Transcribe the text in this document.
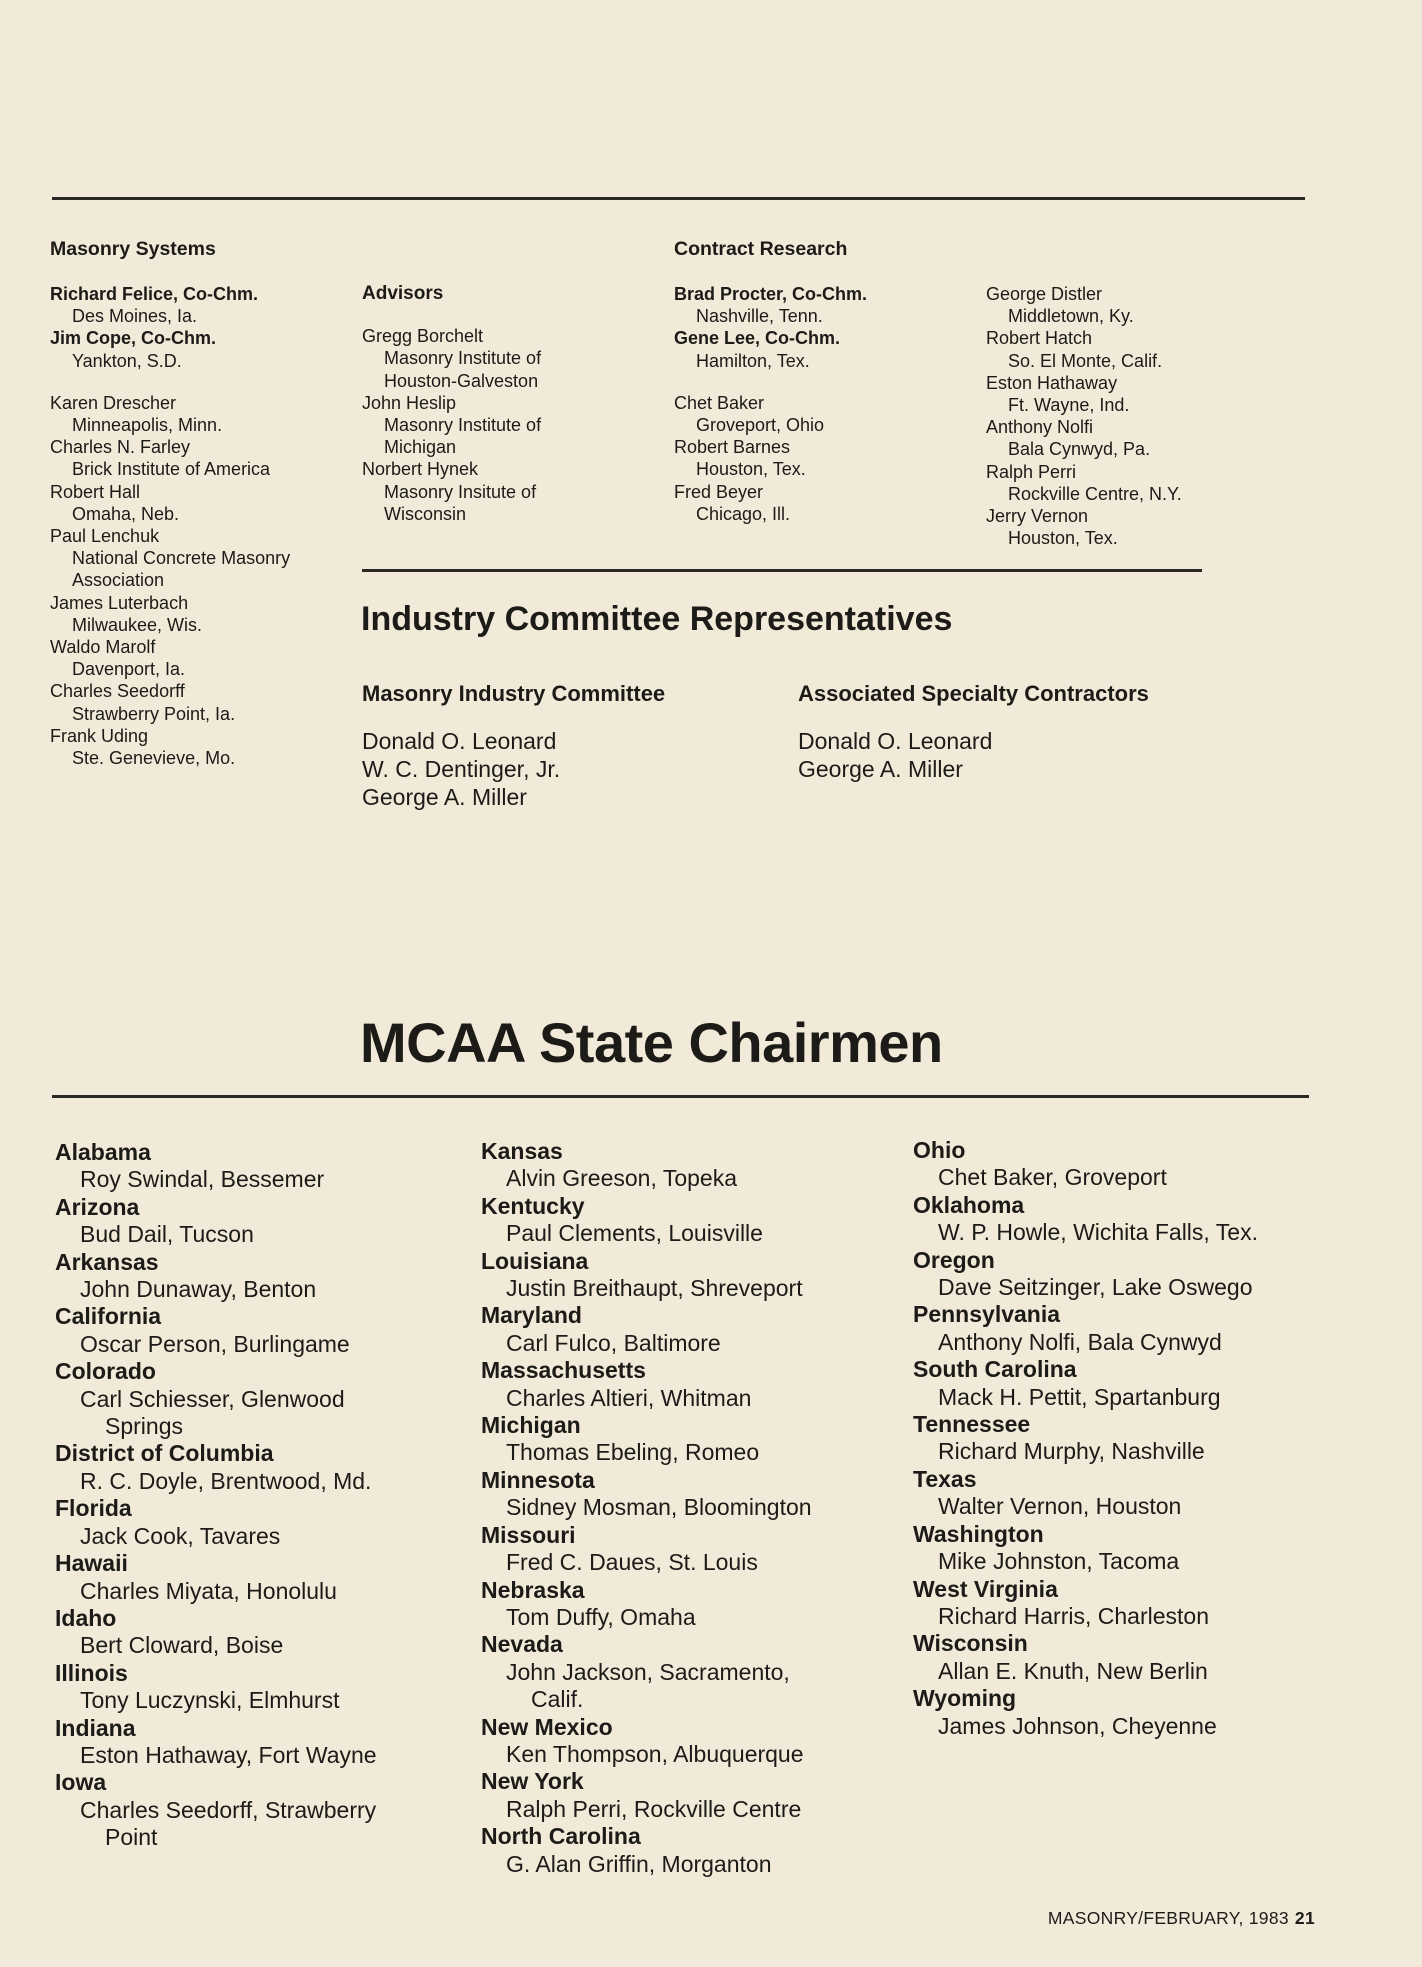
Masonry Systems
Richard Felice, Co-Chm.
Des Moines, Ia.
Jim Cope, Co-Chm.
Yankton, S.D.
Karen Drescher
Minneapolis, Minn.
Charles N. Farley
Brick Institute of America
Robert Hall
Omaha, Neb.
Paul Lenchuk
National Concrete Masonry
Association
James Luterbach
Milwaukee, Wis.
Waldo Marolf
Davenport, Ia.
Charles Seedorff
Strawberry Point, Ia.
Frank Uding
Ste. Genevieve, Mo.
Advisors
Gregg Borchelt
Masonry Institute of
Houston-Galveston
John Heslip
Masonry Institute of
Michigan
Norbert Hynek
Masonry Insitute of
Wisconsin
Contract Research
Brad Procter, Co-Chm.
Nashville, Tenn.
Gene Lee, Co-Chm.
Hamilton, Tex.
Chet Baker
Groveport, Ohio
Robert Barnes
Houston, Tex.
Fred Beyer
Chicago, Ill.
George Distler
Middletown, Ky.
Robert Hatch
So. El Monte, Calif.
Eston Hathaway
Ft. Wayne, Ind.
Anthony Nolfi
Bala Cynwyd, Pa.
Ralph Perri
Rockville Centre, N.Y.
Jerry Vernon
Houston, Tex.
Industry Committee Representatives
Masonry Industry Committee
Donald O. Leonard
W. C. Dentinger, Jr.
George A. Miller
Associated Specialty Contractors
Donald O. Leonard
George A. Miller
MCAA State Chairmen
Alabama
Roy Swindal, Bessemer
Arizona
Bud Dail, Tucson
Arkansas
John Dunaway, Benton
California
Oscar Person, Burlingame
Colorado
Carl Schiesser, Glenwood
Springs
District of Columbia
R. C. Doyle, Brentwood, Md.
Florida
Jack Cook, Tavares
Hawaii
Charles Miyata, Honolulu
Idaho
Bert Cloward, Boise
Illinois
Tony Luczynski, Elmhurst
Indiana
Eston Hathaway, Fort Wayne
Iowa
Charles Seedorff, Strawberry
Point
Kansas
Alvin Greeson, Topeka
Kentucky
Paul Clements, Louisville
Louisiana
Justin Breithaupt, Shreveport
Maryland
Carl Fulco, Baltimore
Massachusetts
Charles Altieri, Whitman
Michigan
Thomas Ebeling, Romeo
Minnesota
Sidney Mosman, Bloomington
Missouri
Fred C. Daues, St. Louis
Nebraska
Tom Duffy, Omaha
Nevada
John Jackson, Sacramento,
Calif.
New Mexico
Ken Thompson, Albuquerque
New York
Ralph Perri, Rockville Centre
North Carolina
G. Alan Griffin, Morganton
Ohio
Chet Baker, Groveport
Oklahoma
W. P. Howle, Wichita Falls, Tex.
Oregon
Dave Seitzinger, Lake Oswego
Pennsylvania
Anthony Nolfi, Bala Cynwyd
South Carolina
Mack H. Pettit, Spartanburg
Tennessee
Richard Murphy, Nashville
Texas
Walter Vernon, Houston
Washington
Mike Johnston, Tacoma
West Virginia
Richard Harris, Charleston
Wisconsin
Allan E. Knuth, New Berlin
Wyoming
James Johnson, Cheyenne
MASONRY/FEBRUARY, 1983 21
